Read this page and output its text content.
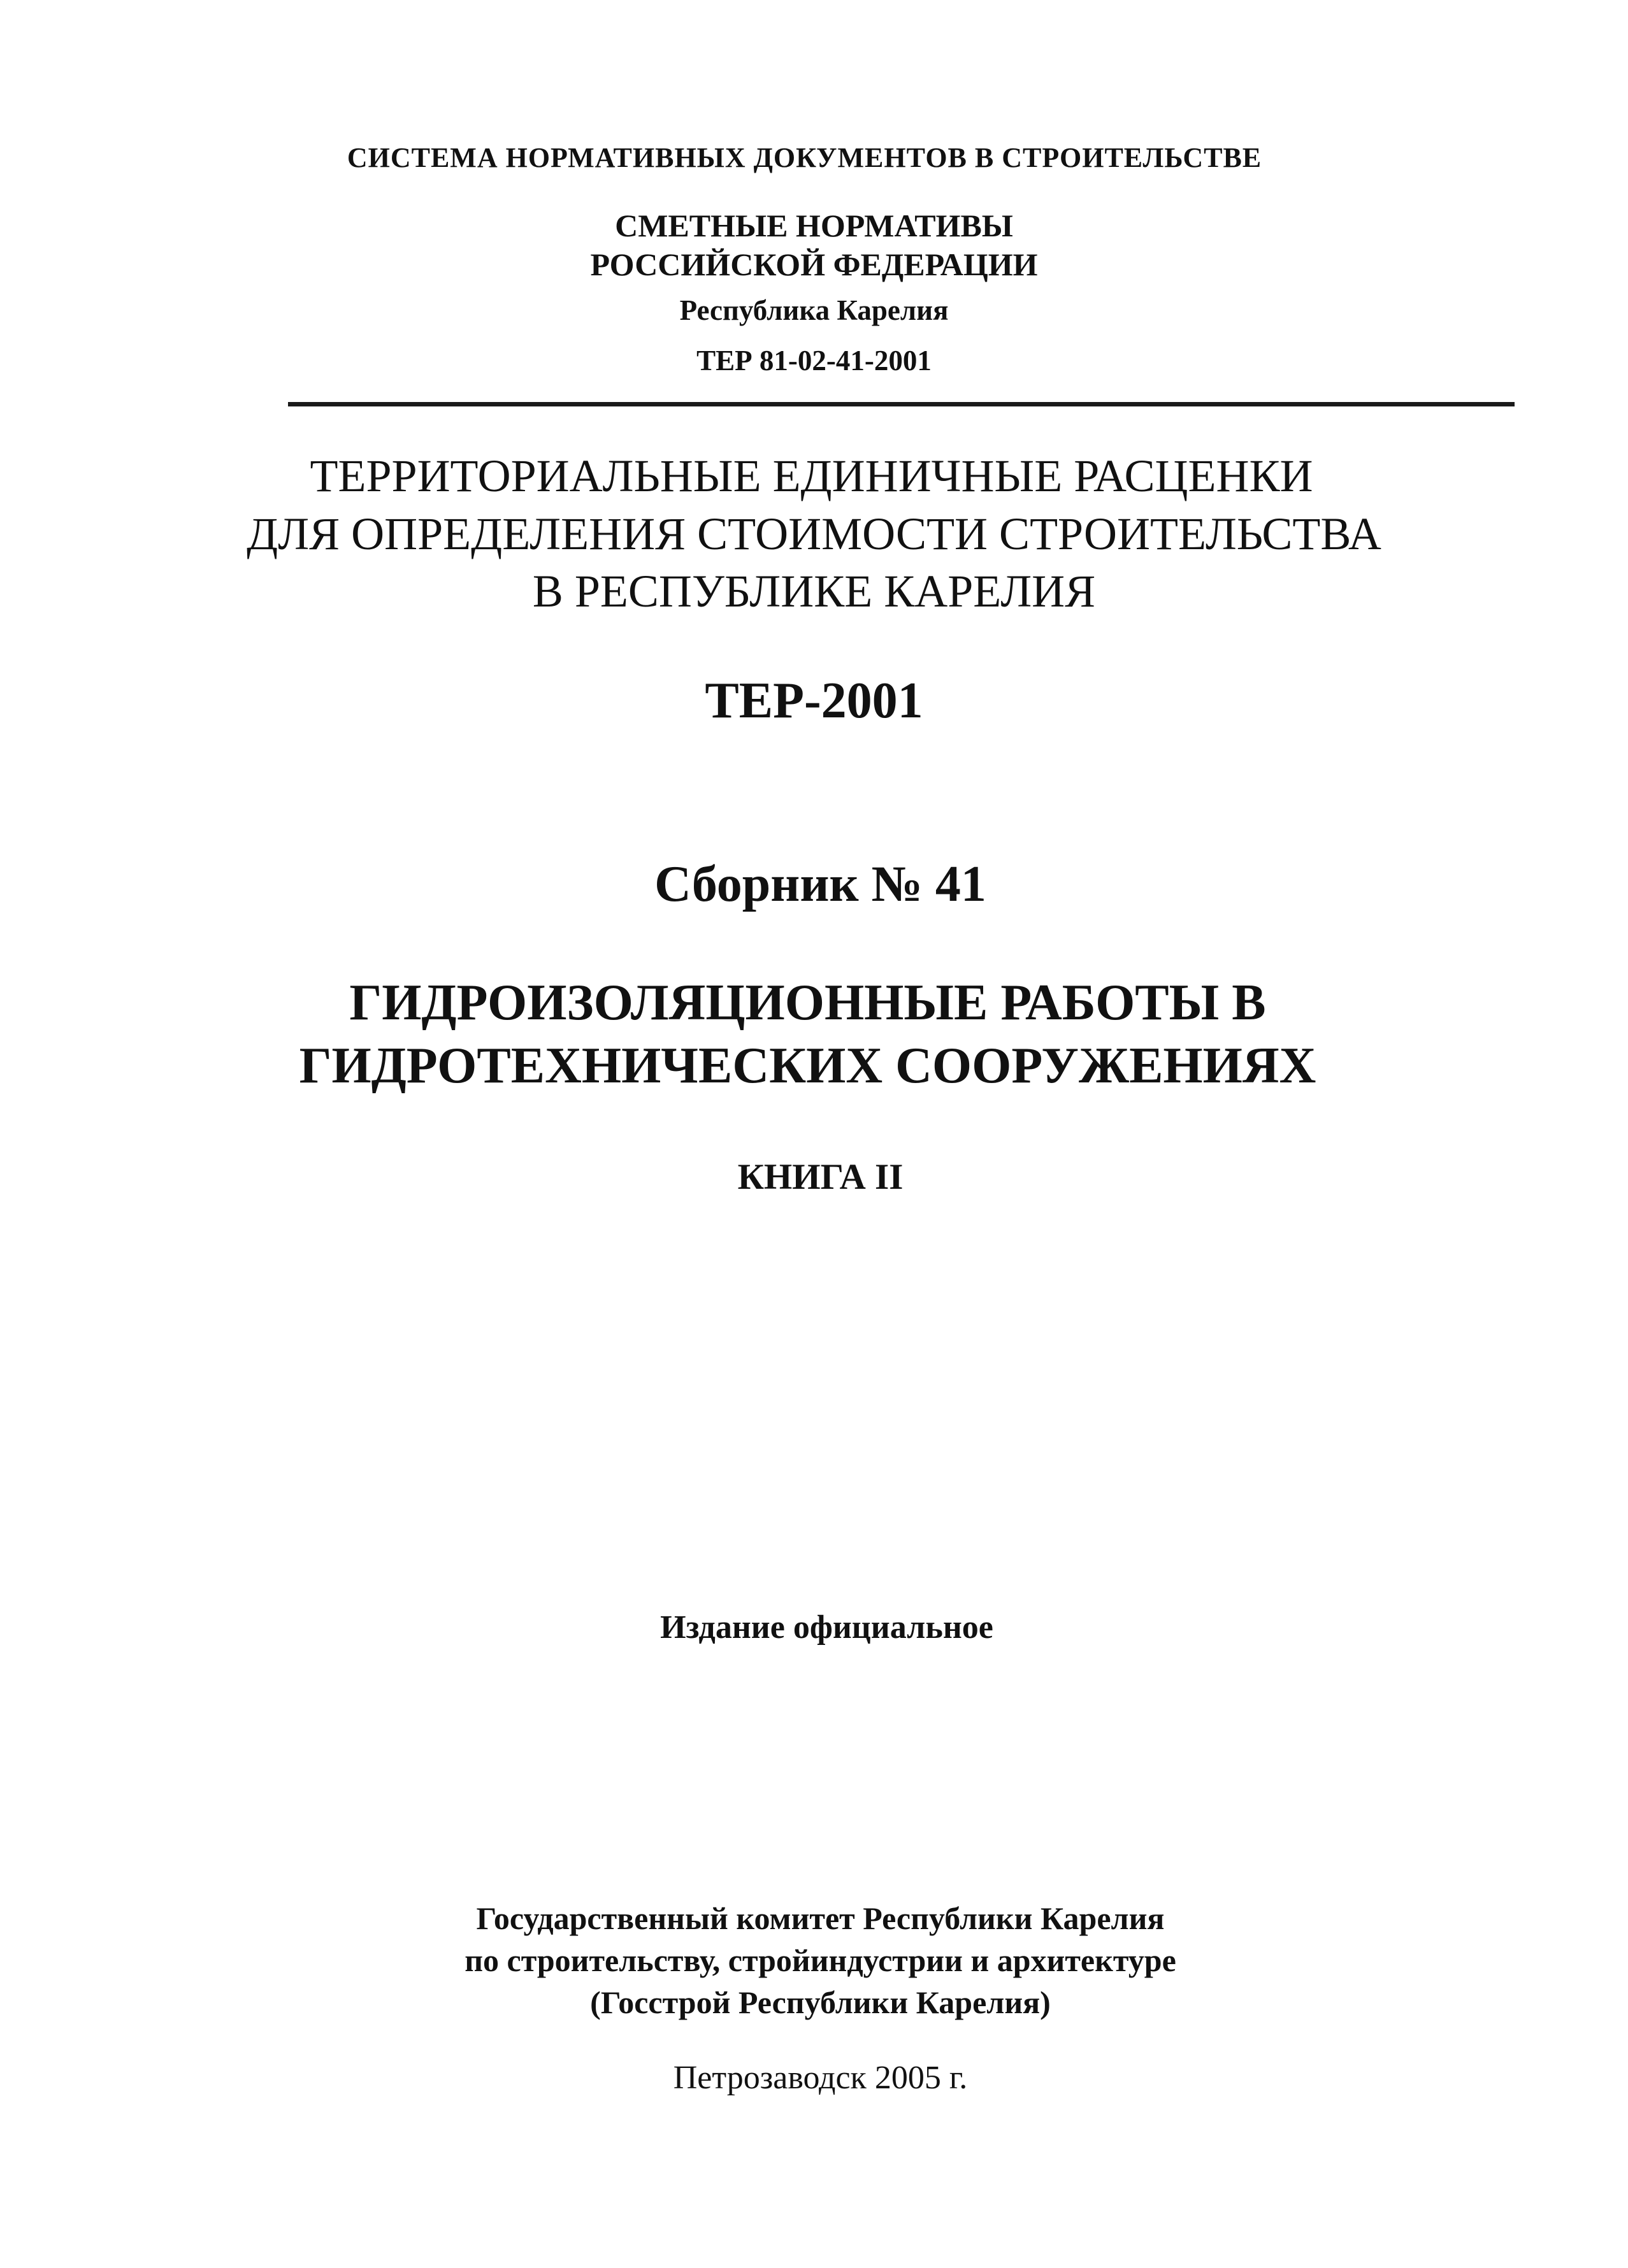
СИСТЕМА НОРМАТИВНЫХ ДОКУМЕНТОВ В СТРОИТЕЛЬСТВЕ

СМЕТНЫЕ НОРМАТИВЫ

РОССИЙСКОЙ ФЕДЕРАЦИИ

Республика Карелия

ТЕР 81-02-41-2001

ТЕРРИТОРИАЛЬНЫЕ ЕДИНИЧНЫЕ РАСЦЕНКИ

ДЛЯ ОПРЕДЕЛЕНИЯ СТОИМОСТИ СТРОИТЕЛЬСТВА

В РЕСПУБЛИКЕ КАРЕЛИЯ

ТЕР-2001

Сборник № 41

ГИДРОИЗОЛЯЦИОННЫЕ РАБОТЫ В

ГИДРОТЕХНИЧЕСКИХ СООРУЖЕНИЯХ

КНИГА II

Издание официальное

Государственный комитет Республики Карелия

по строительству, стройиндустрии и архитектуре

(Госстрой Республики Карелия)

Петрозаводск 2005 г.
